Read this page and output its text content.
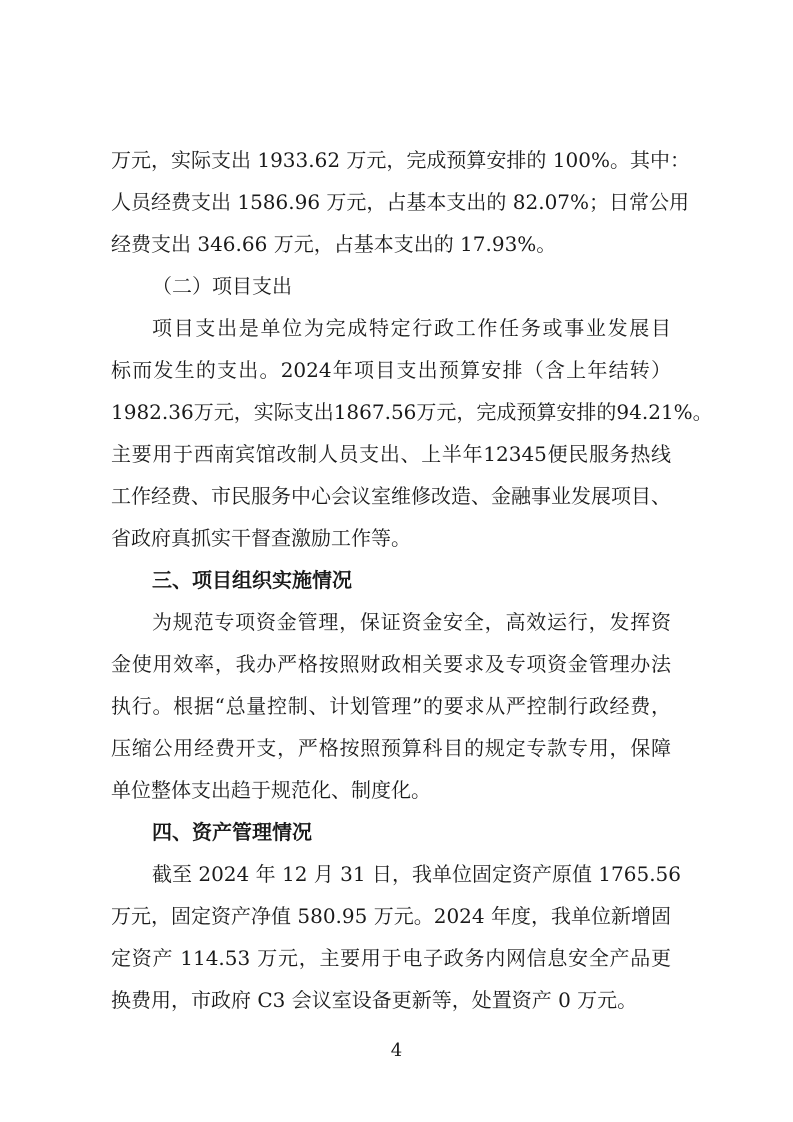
万元，实际支出 1933.62 万元，完成预算安排的 100%。其中：
人员经费支出 1586.96 万元，占基本支出的 82.07%；日常公用
经费支出 346.66 万元，占基本支出的 17.93%。
（二）项目支出
项目支出是单位为完成特定行政工作任务或事业发展目
标而发生的支出。2024年项目支出预算安排（含上年结转）
1982.36万元，实际支出1867.56万元，完成预算安排的94.21%。
主要用于西南宾馆改制人员支出、上半年12345便民服务热线
工作经费、市民服务中心会议室维修改造、金融事业发展项目、
省政府真抓实干督查激励工作等。
三、项目组织实施情况
为规范专项资金管理，保证资金安全，高效运行，发挥资
金使用效率，我办严格按照财政相关要求及专项资金管理办法
执行。根据“总量控制、计划管理”的要求从严控制行政经费，
压缩公用经费开支，严格按照预算科目的规定专款专用，保障
单位整体支出趋于规范化、制度化。
四、资产管理情况
截至 2024 年 12 月 31 日，我单位固定资产原值 1765.56
万元，固定资产净值 580.95 万元。2024 年度，我单位新增固
定资产 114.53 万元，主要用于电子政务内网信息安全产品更
换费用，市政府 C3 会议室设备更新等，处置资产 0 万元。
4
